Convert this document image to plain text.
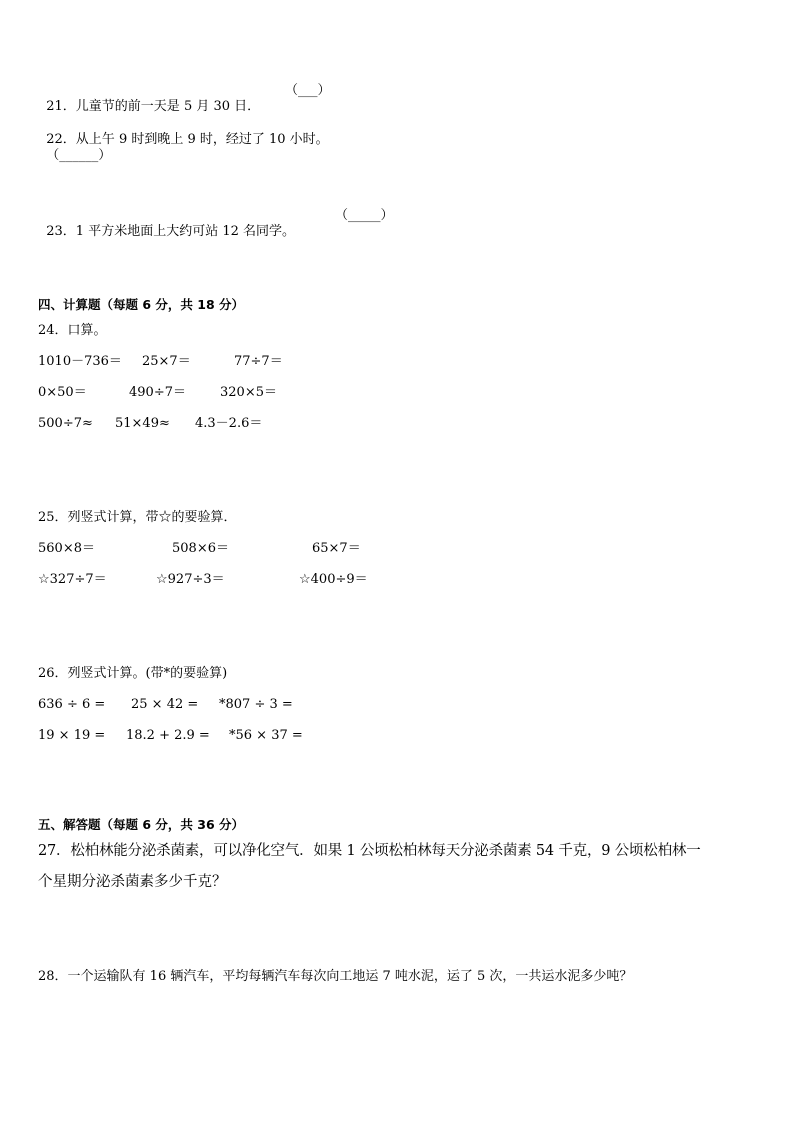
21．儿童节的前一天是 5 月 30 日．

（___）

22．从上午 9 时到晚上 9 时，经过了 10 小时。
（______）

23．1 平方米地面上大约可站 12 名同学。

（_____）
四、计算题（每题 6 分，共 18 分）
24．口算。
1010－736＝ 25×7＝	77÷7＝
0×50＝	490÷7＝	320×5＝
500÷7≈ 51×49≈ 4.3－2.6＝
25．列竖式计算，带☆的要验算．
560×8＝	508×6＝	65×7＝
☆327÷7＝	☆927÷3＝	☆400÷9＝
26．列竖式计算。(带*的要验算)
636 ÷ 6 = 25 × 42 = *807 ÷ 3 =
19 × 19 = 18.2 + 2.9 = *56 × 37 =
五、解答题（每题 6 分，共 36 分）
27．松柏林能分泌杀菌素，可以净化空气．如果 1 公顷松柏林每天分泌杀菌素 54 千克，9 公顷松柏林一
个星期分泌杀菌素多少千克？
28．一个运输队有 16 辆汽车，平均每辆汽车每次向工地运 7 吨水泥，运了 5 次，一共运水泥多少吨？
